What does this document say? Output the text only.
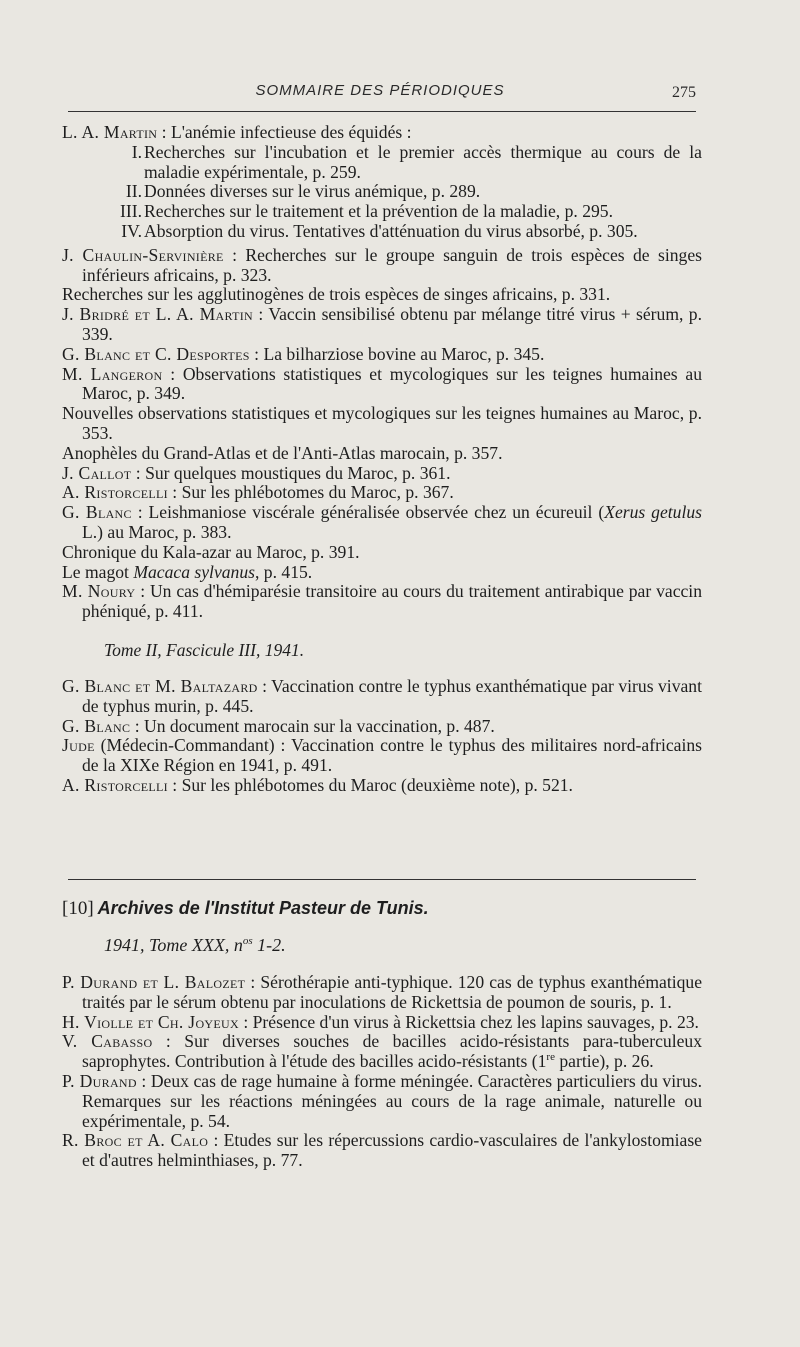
SOMMAIRE DES PÉRIODIQUES	275

L. A. Martin : L'anémie infectieuse des équidés :

I. Recherches sur l'incubation et le premier accès thermique au cours de la maladie expérimentale, p. 259.

II. Données diverses sur le virus anémique, p. 289.

III. Recherches sur le traitement et la prévention de la maladie, p. 295.

IV. Absorption du virus. Tentatives d'atténuation du virus absorbé, p. 305.

J. Chaulin-Servinière : Recherches sur le groupe sanguin de trois espèces de singes inférieurs africains, p. 323.

Recherches sur les agglutinogènes de trois espèces de singes africains, p. 331.

J. Bridré et L. A. Martin : Vaccin sensibilisé obtenu par mélange titré virus + sérum, p. 339.

G. Blanc et C. Desportes : La bilharziose bovine au Maroc, p. 345.

M. Langeron : Observations statistiques et mycologiques sur les teignes humaines au Maroc, p. 349.

Nouvelles observations statistiques et mycologiques sur les teignes humaines au Maroc, p. 353.

Anophèles du Grand-Atlas et de l'Anti-Atlas marocain, p. 357.

J. Callot : Sur quelques moustiques du Maroc, p. 361.

A. Ristorcelli : Sur les phlébotomes du Maroc, p. 367.

G. Blanc : Leishmaniose viscérale généralisée observée chez un écureuil (Xerus getulus L.) au Maroc, p. 383.

Chronique du Kala-azar au Maroc, p. 391.

Le magot Macaca sylvanus, p. 415.

M. Noury : Un cas d'hémiparésie transitoire au cours du traitement antirabique par vaccin phéniqué, p. 411.

Tome II, Fascicule III, 1941.

G. Blanc et M. Baltazard : Vaccination contre le typhus exanthématique par virus vivant de typhus murin, p. 445.

G. Blanc : Un document marocain sur la vaccination, p. 487.

Jude (Médecin-Commandant) : Vaccination contre le typhus des militaires nord-africains de la XIXe Région en 1941, p. 491.

A. Ristorcelli : Sur les phlébotomes du Maroc (deuxième note), p. 521.

[10] Archives de l'Institut Pasteur de Tunis.
1941, Tome XXX, $n^{os}$ 1-2.

P. Durand et L. Balozet : Sérothérapie anti-typhique. 120 cas de typhus exanthématique traités par le sérum obtenu par inoculations de Rickettsia de poumon de souris, p. 1.

H. Violle et Ch. Joyeux : Présence d'un virus à Rickettsia chez les lapins sauvages, p. 23.

V. Cabasso : Sur diverses souches de bacilles acido-résistants para-tuberculeux saprophytes. Contribution à l'étude des bacilles acido-résistants (1re partie), p. 26.

P. Durand : Deux cas de rage humaine à forme méningée. Caractères particuliers du virus. Remarques sur les réactions méningées au cours de la rage animale, naturelle ou expérimentale, p. 54.

R. Broc et A. Calo : Etudes sur les répercussions cardio-vasculaires de l'ankylostomiase et d'autres helminthiases, p. 77.
